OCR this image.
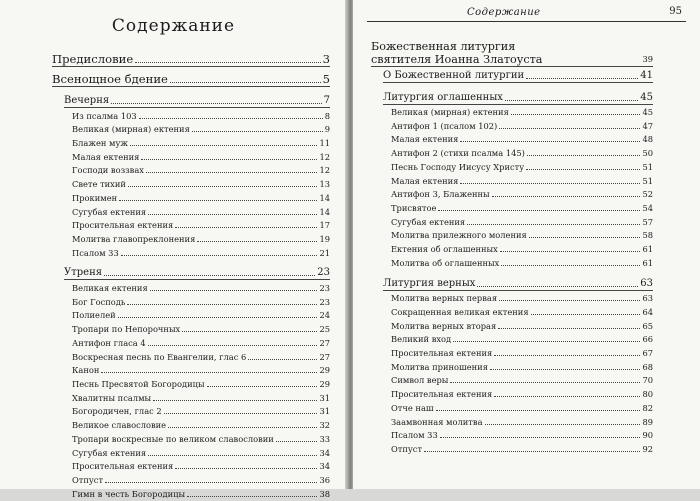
Содержание
Предисловие	3
Всенощное бдение	5
Вечерня	7
Из псалма 103	8
Великая (мирная) ектения	9
Блажен муж	11
Малая ектения	12
Господи воззвах	12
Свете тихий	13
Прокимен	14
Сугубая ектения	14
Просительная ектения	17
Молитва главопреклонения	19
Псалом 33	21
Утреня	23
Великая ектения	23
Бог Господь	23
Полиелей	24
Тропари по Непорочных	25
Антифон гласа 4	27
Воскресная песнь по Евангелии, глас 6	27
Канон	29
Песнь Пресвятой Богородицы	29
Хвалитны псалмы	31
Богородичен, глас 2	31
Великое славословие	32
Тропари воскресные по великом славословии	33
Сугубая ектения	34
Просительная ектения	34
Отпуст	36
Гимн в честь Богородицы	38
Содержание	95
Божественная литургия
святителя Иоанна Златоуста	39
О Божественной литургии	41
Литургия оглашенных	45
Великая (мирная) ектения	45
Антифон 1 (псалом 102)	47
Малая ектения	48
Антифон 2 (стихи псалма 145)	50
Песнь Господу Иисусу Христу	51
Малая ектения	51
Антифон 3, Блаженны	52
Трисвятое	54
Сугубая ектения	57
Молитва прилежного моления	58
Ектения об оглашенных	61
Молитва об оглашенных	61
Литургия верных	63
Молитва верных первая	63
Сокращенная великая ектения	64
Молитва верных вторая	65
Великий вход	66
Просительная ектения	67
Молитва приношения	68
Символ веры	70
Просительная ектения	80
Отче наш	82
Заамвонная молитва	89
Псалом 33	90
Отпуст	92
